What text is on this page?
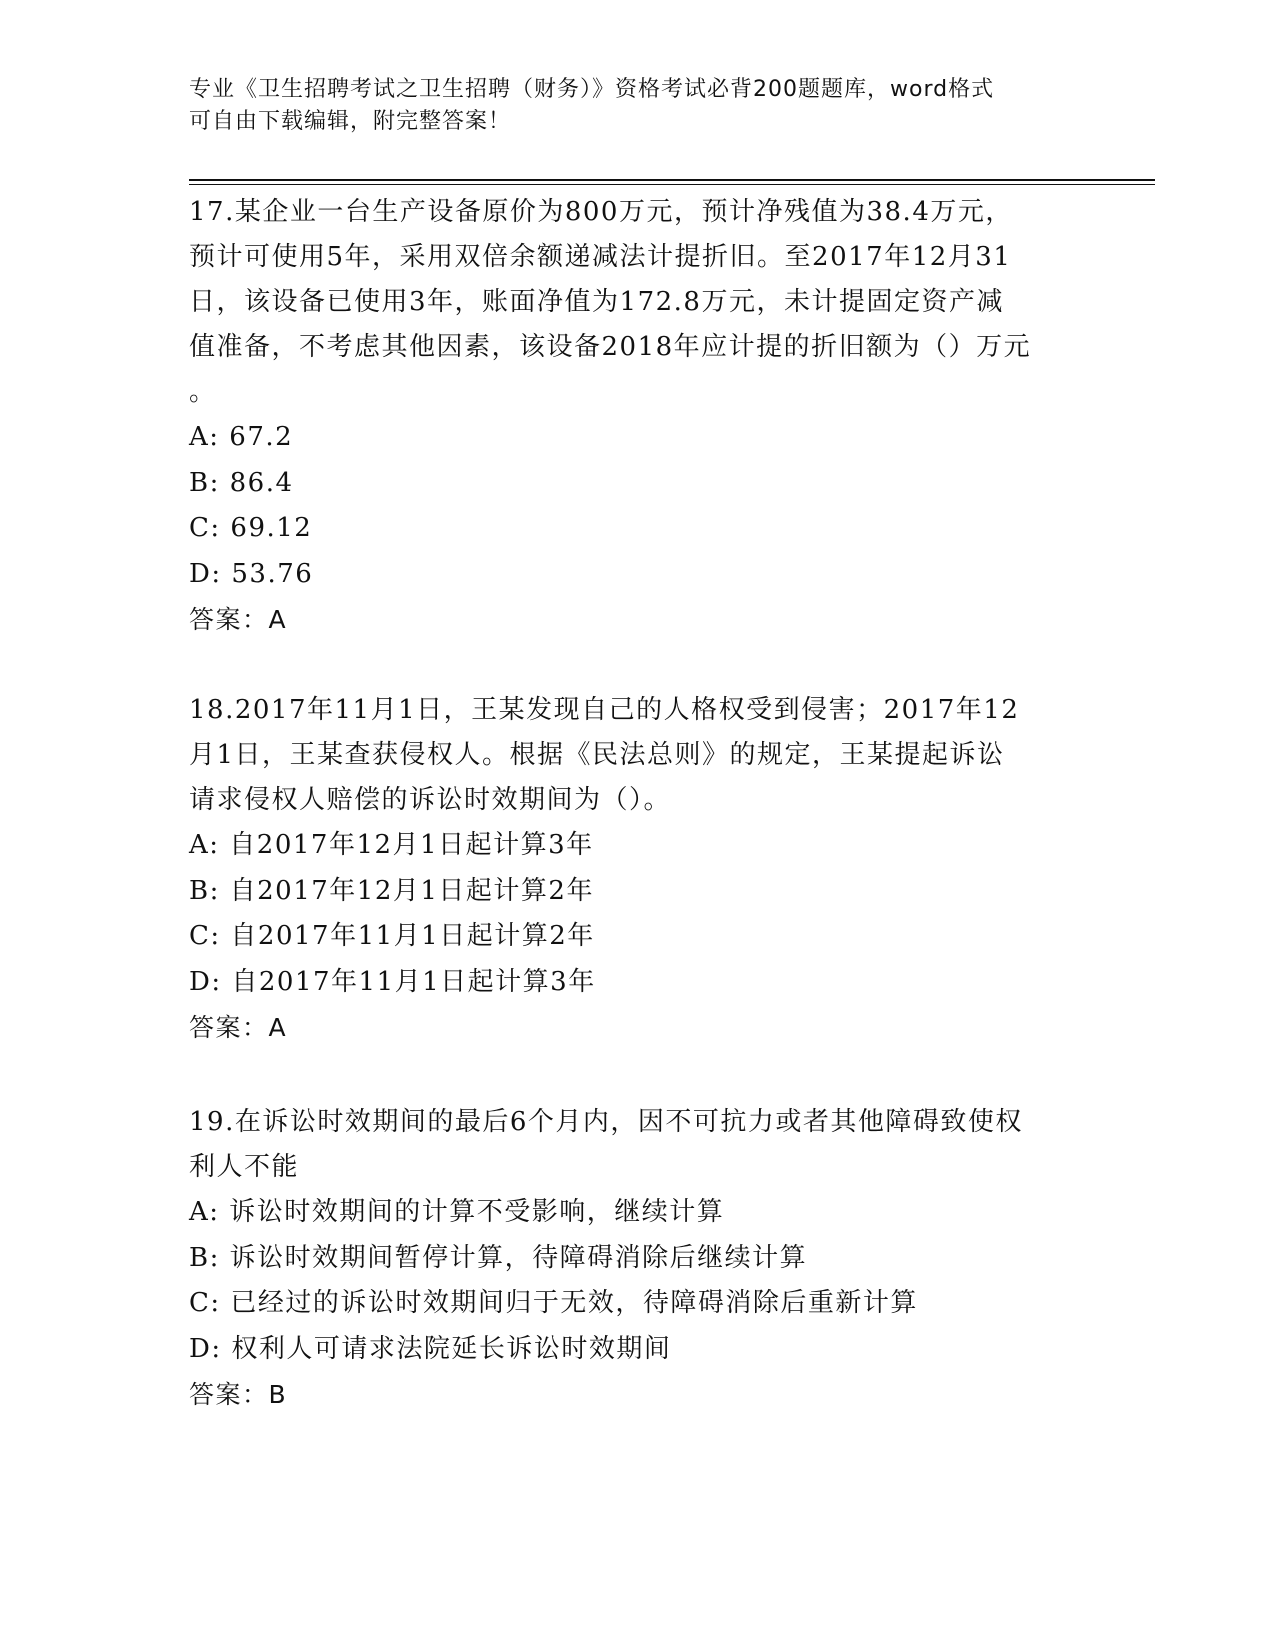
专业《卫生招聘考试之卫生招聘（财务）》资格考试必背200题题库，word格式
可自由下载编辑，附完整答案！

17.某企业一台生产设备原价为800万元，预计净残值为38.4万元，

预计可使用5年，采用双倍余额递减法计提折旧。至2017年12月31

日，该设备已使用3年，账面净值为172.8万元，未计提固定资产减

值准备，不考虑其他因素，该设备2018年应计提的折旧额为（）万元

。

A: 67.2

B: 86.4

C: 69.12

D: 53.76

答案：A

18.2017年11月1日，王某发现自己的人格权受到侵害；2017年12

月1日，王某查获侵权人。根据《民法总则》的规定，王某提起诉讼

请求侵权人赔偿的诉讼时效期间为（）。

A: 自2017年12月1日起计算3年

B: 自2017年12月1日起计算2年

C: 自2017年11月1日起计算2年

D: 自2017年11月1日起计算3年

答案：A

19.在诉讼时效期间的最后6个月内，因不可抗力或者其他障碍致使权

利人不能

A: 诉讼时效期间的计算不受影响，继续计算

B: 诉讼时效期间暂停计算，待障碍消除后继续计算

C: 已经过的诉讼时效期间归于无效，待障碍消除后重新计算

D: 权利人可请求法院延长诉讼时效期间

答案：B
